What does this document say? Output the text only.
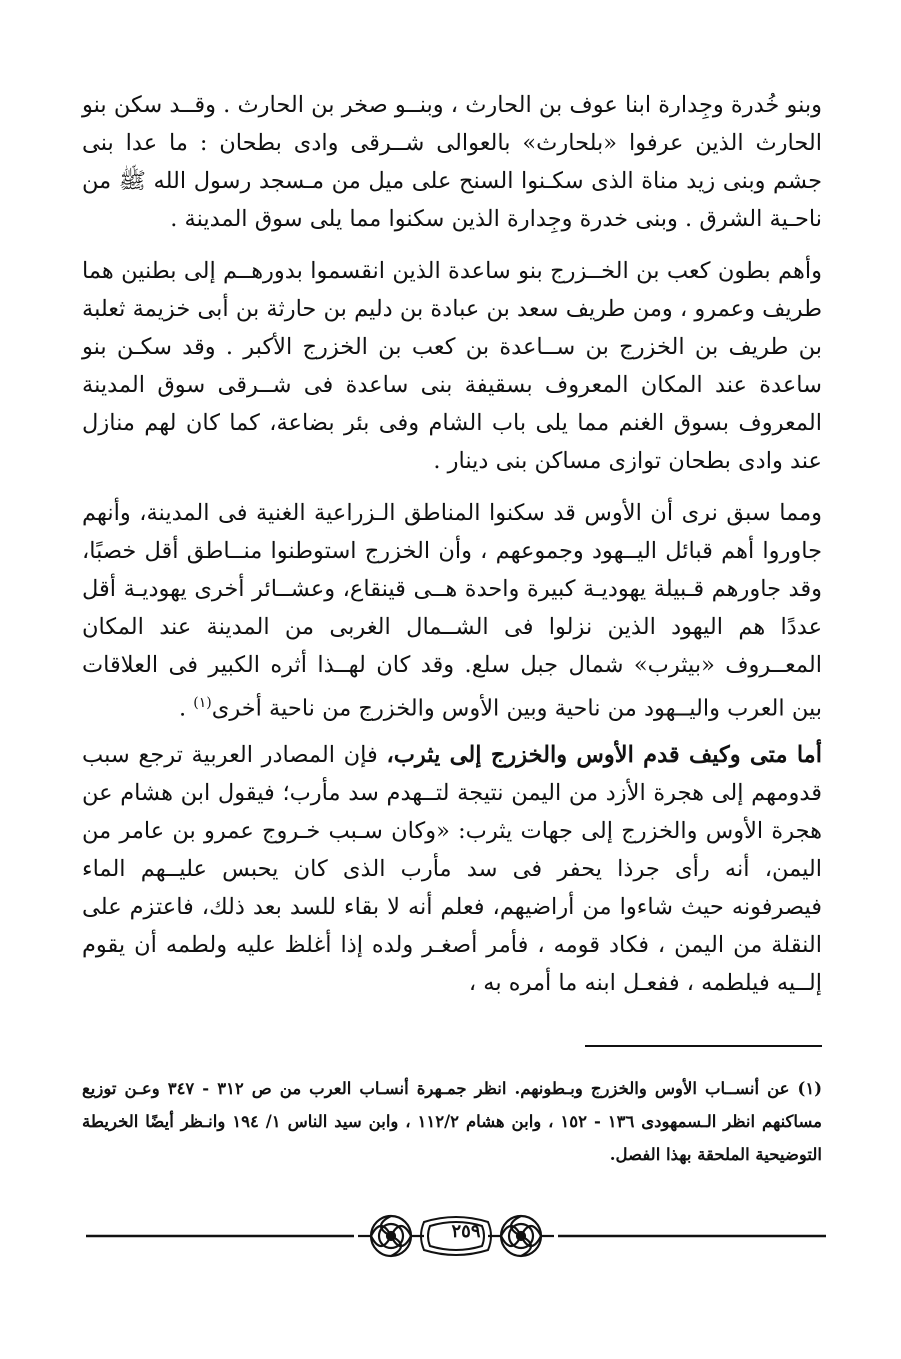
وبنو خُدرة وجِدارة ابنا عوف بن الحارث ، وبنــو صخر بن الحارث . وقــد سكن بنو الحارث الذين عرفوا «بلحارث» بالعوالى شــرقى وادى بطحان : ما عدا بنى جشم وبنى زيد مناة الذى سكـنوا السنح على ميل من مـسجد رسول الله ﷺ من ناحـية الشرق . وبنى خدرة وجِدارة الذين سكنوا مما يلى سوق المدينة .

وأهم بطون كعب بن الخــزرج بنو ساعدة الذين انقسموا بدورهــم إلى بطنين هما طريف وعمرو ، ومن طريف سعد بن عبادة بن دليم بن حارثة بن أبى خزيمة ثعلبة بن طريف بن الخزرج بن ســاعدة بن كعب بن الخزرج الأكبر . وقد سكـن بنو ساعدة عند المكان المعروف بسقيفة بنى ساعدة فى شــرقى سوق المدينة المعروف بسوق الغنم مما يلى باب الشام وفى بئر بضاعة، كما كان لهم منازل عند وادى بطحان توازى مساكن بنى دينار .

ومما سبق نرى أن الأوس قد سكنوا المناطق الـزراعية الغنية فى المدينة، وأنهم جاوروا أهم قبائل اليــهود وجموعهم ، وأن الخزرج استوطنوا منــاطق أقل خصبًا، وقد جاورهم قـبيلة يهوديـة كبيرة واحدة هــى قينقاع، وعشــائر أخرى يهوديـة أقل عددًا هم اليهود الذين نزلوا فى الشــمال الغربى من المدينة عند المكان المعــروف «بيثرب» شمال جبل سلع. وقد كان لهــذا أثره الكبير فى العلاقات بين العرب واليــهود من ناحية وبين الأوس والخزرج من ناحية أخرى$^{(١)}$ .

أما متى وكيف قدم الأوس والخزرج إلى يثرب، فإن المصادر العربية ترجع سبب قدومهم إلى هجرة الأزد من اليمن نتيجة لتــهدم سد مأرب؛ فيقول ابن هشام عن هجرة الأوس والخزرج إلى جهات يثرب: «وكان سـبب خـروج عمرو بن عامر من اليمن، أنه رأى جرذا يحفر فى سد مأرب الذى كان يحبس عليــهم الماء فيصرفونه حيث شاءوا من أراضيهم، فعلم أنه لا بقاء للسد بعد ذلك، فاعتزم على النقلة من اليمن ، فكاد قومه ، فأمر أصغـر ولده إذا أغلظ عليه ولطمه أن يقوم إلــيه فيلطمه ، ففعـل ابنه ما أمره به ،

(١) عن أنســاب الأوس والخزرج وبـطونهم. انظر جمـهرة أنسـاب العرب من ص ٣١٢ - ٣٤٧ وعـن توزيع مساكنهم انظر الـسمهودى ١٣٦ - ١٥٢ ، وابن هشام ١١٢/٢ ، وابن سيد الناس ١/ ١٩٤ وانـظر أيضًا الخريطة التوضيحية الملحقة بهذا الفصل.
٢٥٩
